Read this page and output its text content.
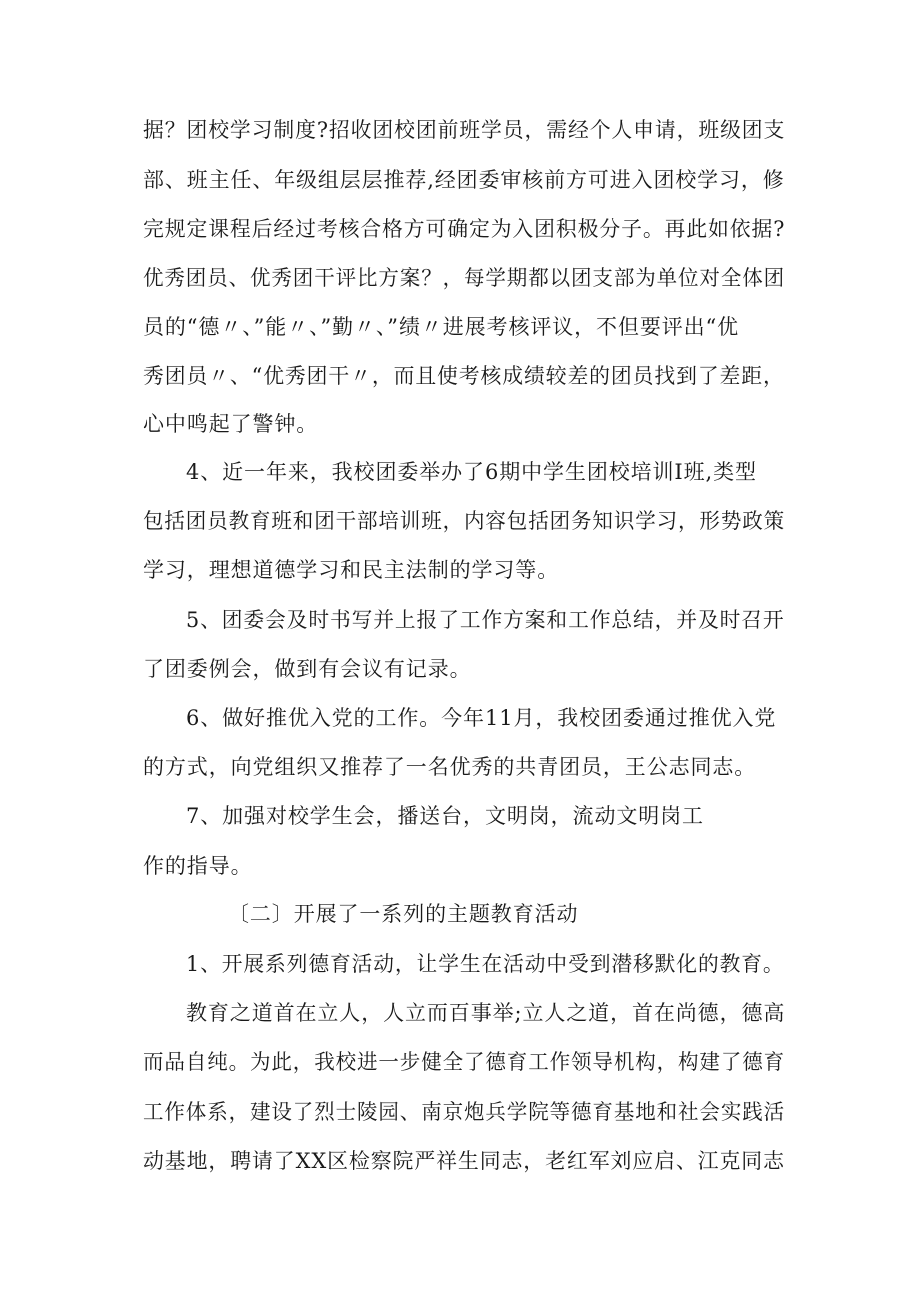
据？团校学习制度?招收团校团前班学员，需经个人申请，班级团支
部、班主任、年级组层层推荐,经团委审核前方可进入团校学习，修
完规定课程后经过考核合格方可确定为入团积极分子。再此如依据?
优秀团员、优秀团干评比方案？，每学期都以团支部为单位对全体团
员的“德〃、”能〃、”勤〃、”绩〃进展考核评议，不但要评出“优
秀团员〃、“优秀团干〃，而且使考核成绩较差的团员找到了差距，
心中鸣起了警钟。
4、近一年来，我校团委举办了6期中学生团校培训Ⅰ班,类型
包括团员教育班和团干部培训班，内容包括团务知识学习，形势政策
学习，理想道德学习和民主法制的学习等。
5、团委会及时书写并上报了工作方案和工作总结，并及时召开
了团委例会，做到有会议有记录。
6、做好推优入党的工作。今年11月，我校团委通过推优入党
的方式，向党组织又推荐了一名优秀的共青团员，王公志同志。
7、加强对校学生会，播送台，文明岗，流动文明岗工
作的指导。
〔二〕开展了一系列的主题教育活动
1、开展系列德育活动，让学生在活动中受到潜移默化的教育。
教育之道首在立人，人立而百事举;立人之道，首在尚德，德高
而品自纯。为此，我校进一步健全了德育工作领导机构，构建了德育
工作体系，建设了烈士陵园、南京炮兵学院等德育基地和社会实践活
动基地，聘请了XX区检察院严祥生同志，老红军刘应启、江克同志
